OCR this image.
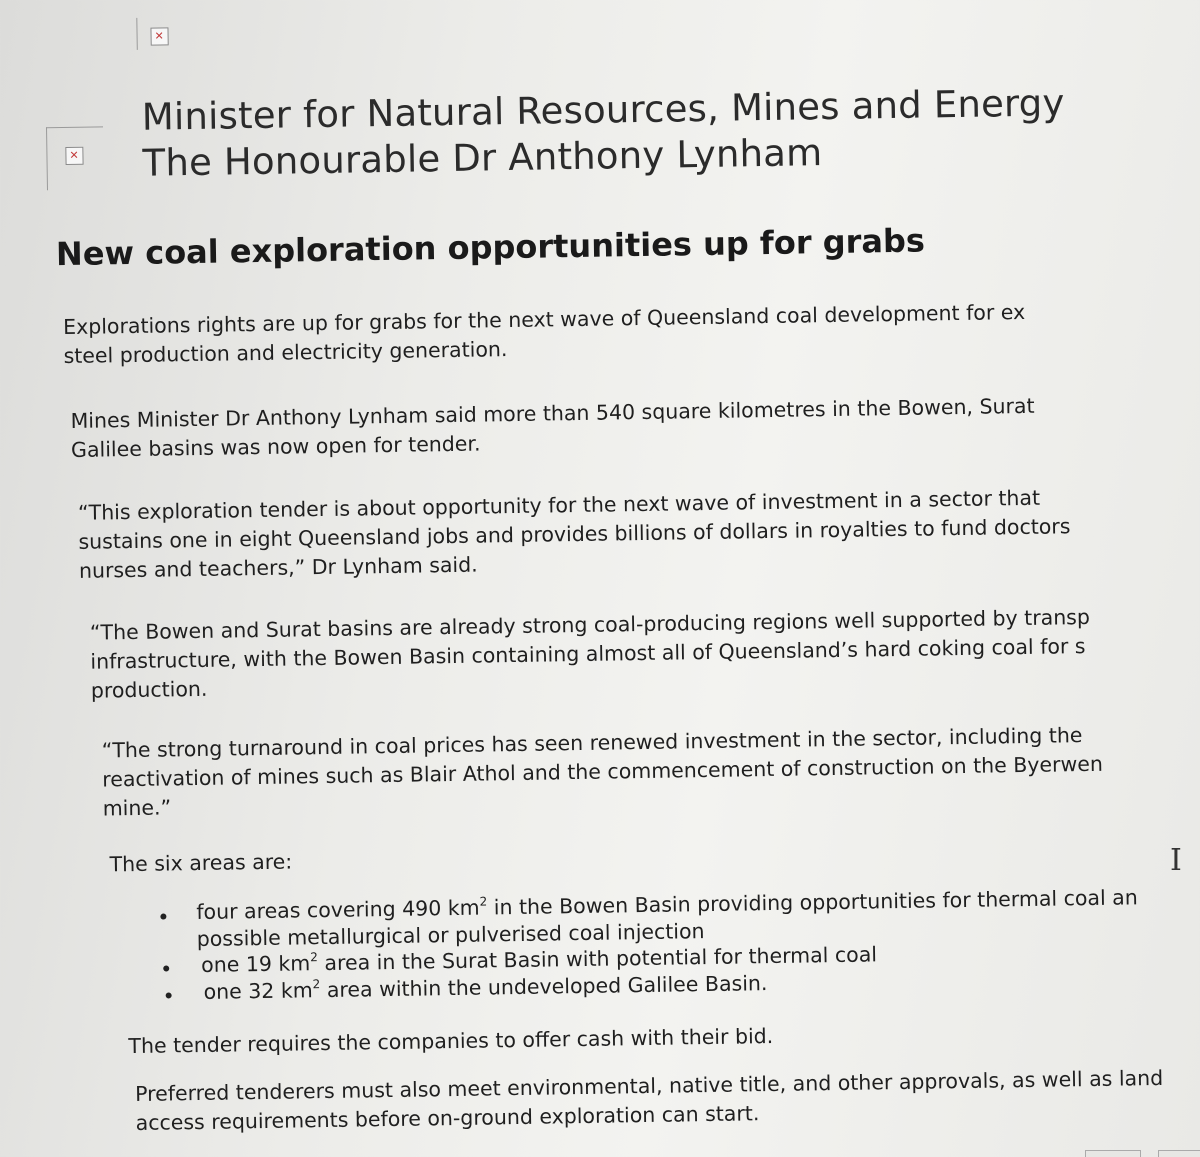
✕
✕
Minister for Natural Resources, Mines and Energy
The Honourable Dr Anthony Lynham
New coal exploration opportunities up for grabs
Explorations rights are up for grabs for the next wave of Queensland coal development for ex
steel production and electricity generation.
Mines Minister Dr Anthony Lynham said more than 540 square kilometres in the Bowen, Surat
Galilee basins was now open for tender.
“This exploration tender is about opportunity for the next wave of investment in a sector that
sustains one in eight Queensland jobs and provides billions of dollars in royalties to fund doctors
nurses and teachers,” Dr Lynham said.
“The Bowen and Surat basins are already strong coal-producing regions well supported by transp
infrastructure, with the Bowen Basin containing almost all of Queensland’s hard coking coal for s
production.
“The strong turnaround in coal prices has seen renewed investment in the sector, including the
reactivation of mines such as Blair Athol and the commencement of construction on the Byerwen
mine.”
The six areas are:
four areas covering 490 $km^2$ in the Bowen Basin providing opportunities for thermal coal an
possible metallurgical or pulverised coal injection
one 19 $km^2$ area in the Surat Basin with potential for thermal coal
one 32 $km^2$ area within the undeveloped Galilee Basin.
The tender requires the companies to offer cash with their bid.
Preferred tenderers must also meet environmental, native title, and other approvals, as well as land
access requirements before on-ground exploration can start.
I
